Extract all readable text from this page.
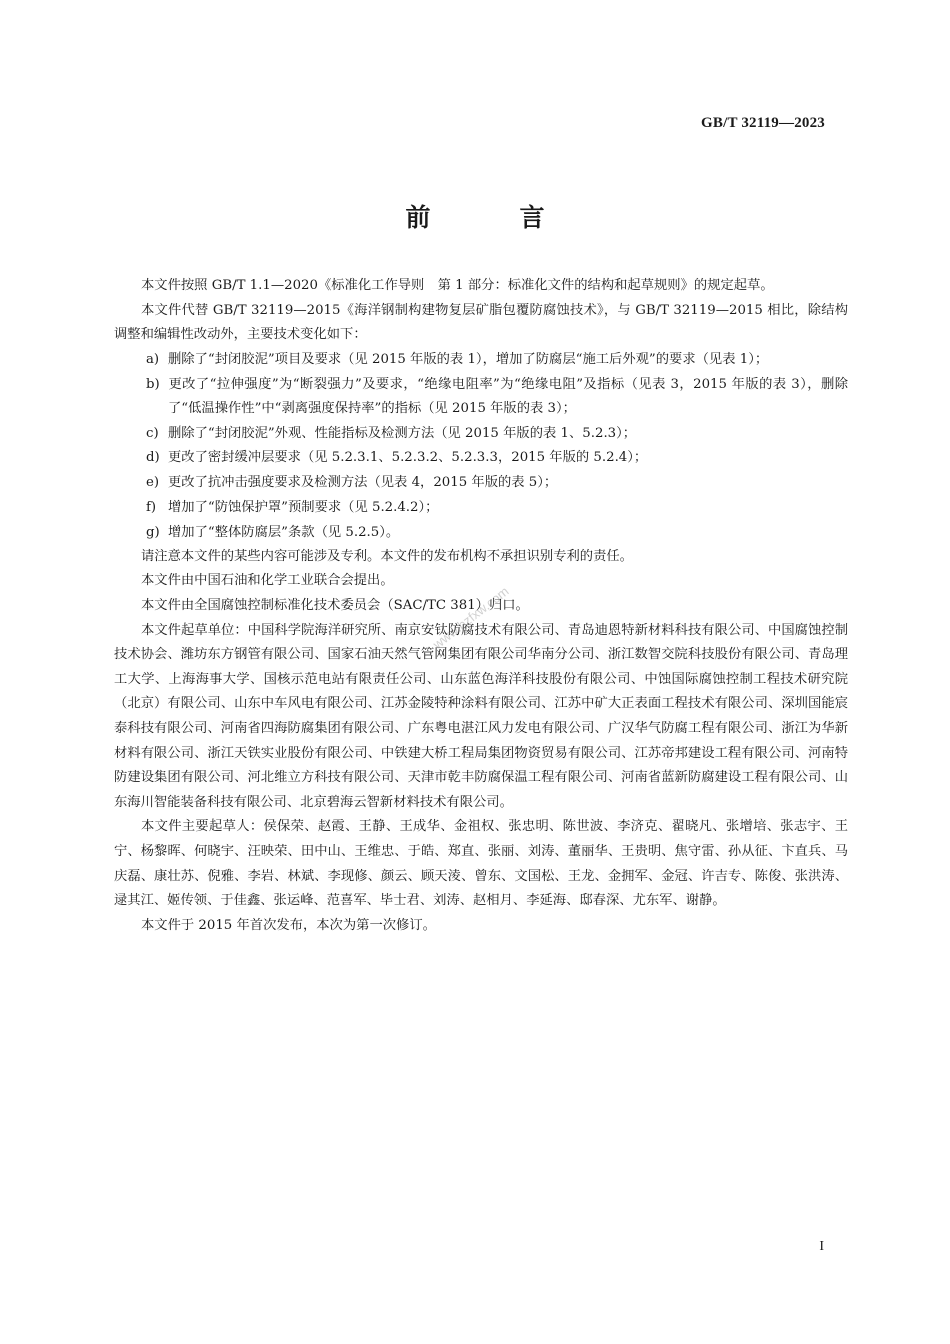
GB/T 32119—2023
前　言

本文件按照 GB/T 1.1—2020《标准化工作导则　第 1 部分：标准化文件的结构和起草规则》的规定起草。

本文件代替 GB/T 32119—2015《海洋钢制构建物复层矿脂包覆防腐蚀技术》，与 GB/T 32119—2015 相比，除结构调整和编辑性改动外，主要技术变化如下：

a) 删除了“封闭胶泥”项目及要求（见 2015 年版的表 1），增加了防腐层“施工后外观”的要求（见表 1）；

b) 更改了“拉伸强度”为“断裂强力”及要求，“绝缘电阻率”为“绝缘电阻”及指标（见表 3，2015 年版的表 3），删除了“低温操作性”中“剥离强度保持率”的指标（见 2015 年版的表 3）；

c) 删除了“封闭胶泥”外观、性能指标及检测方法（见 2015 年版的表 1、5.2.3）；

d) 更改了密封缓冲层要求（见 5.2.3.1、5.2.3.2、5.2.3.3，2015 年版的 5.2.4）；

e) 更改了抗冲击强度要求及检测方法（见表 4，2015 年版的表 5）；

f) 增加了“防蚀保护罩”预制要求（见 5.2.4.2）；

g) 增加了“整体防腐层”条款（见 5.2.5）。

请注意本文件的某些内容可能涉及专利。本文件的发布机构不承担识别专利的责任。

本文件由中国石油和化学工业联合会提出。

本文件由全国腐蚀控制标准化技术委员会（SAC/TC 381）归口。

本文件起草单位：中国科学院海洋研究所、南京安钛防腐技术有限公司、青岛迪恩特新材料科技有限公司、中国腐蚀控制技术协会、潍坊东方钢管有限公司、国家石油天然气管网集团有限公司华南分公司、浙江数智交院科技股份有限公司、青岛理工大学、上海海事大学、国核示范电站有限责任公司、山东蓝色海洋科技股份有限公司、中蚀国际腐蚀控制工程技术研究院（北京）有限公司、山东中车风电有限公司、江苏金陵特种涂料有限公司、江苏中矿大正表面工程技术有限公司、深圳国能宸泰科技有限公司、河南省四海防腐集团有限公司、广东粤电湛江风力发电有限公司、广汉华气防腐工程有限公司、浙江为华新材料有限公司、浙江天铁实业股份有限公司、中铁建大桥工程局集团物资贸易有限公司、江苏帝邦建设工程有限公司、河南特防建设集团有限公司、河北维立方科技有限公司、天津市乾丰防腐保温工程有限公司、河南省蓝新防腐建设工程有限公司、山东海川智能装备科技有限公司、北京碧海云智新材料技术有限公司。

本文件主要起草人：侯保荣、赵霞、王静、王成华、金祖权、张忠明、陈世波、李济克、翟晓凡、张增培、张志宇、王宁、杨黎晖、何晓宇、汪映荣、田中山、王维忠、于皓、郑直、张丽、刘涛、董丽华、王贵明、焦守雷、孙从征、卞直兵、马庆磊、康壮苏、倪雅、李岩、林斌、李现修、颜云、顾天淩、曾东、文国松、王龙、金拥军、金冠、许吉专、陈俊、张洪涛、逯其江、姬传领、于佳鑫、张运峰、范喜军、毕士君、刘涛、赵相月、李延海、邸春深、尤东军、谢静。

本文件于 2015 年首次发布，本次为第一次修订。

www.bzfxw.com
I
